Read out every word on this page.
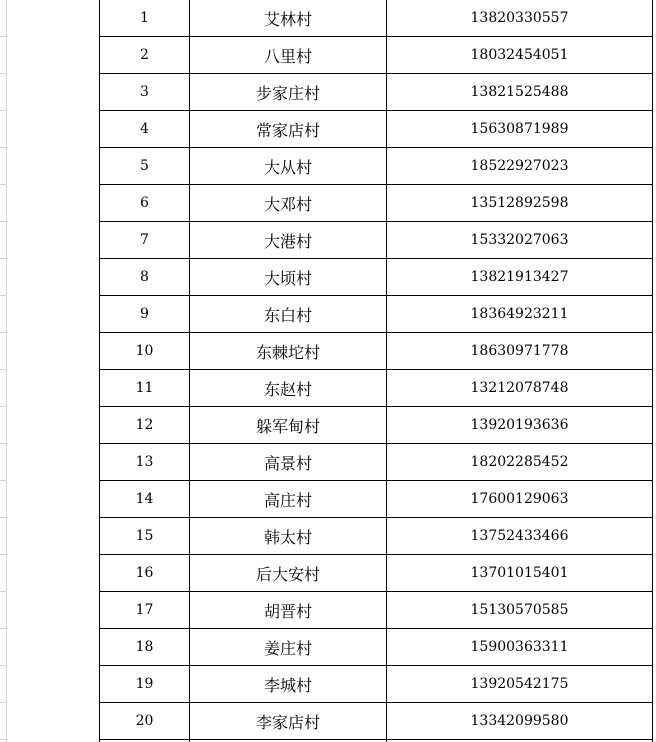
1	艾林村	13820330557
2	八里村	18032454051
3	步家庄村	13821525488
4	常家店村	15630871989
5	大从村	18522927023
6	大邓村	13512892598
7	大港村	15332027063
8	大顷村	13821913427
9	东白村	18364923211
10	东棘坨村	18630971778
11	东赵村	13212078748
12	躲军甸村	13920193636
13	高景村	18202285452
14	高庄村	17600129063
15	韩太村	13752433466
16	后大安村	13701015401
17	胡晋村	15130570585
18	姜庄村	15900363311
19	李城村	13920542175
20	李家店村	13342099580
